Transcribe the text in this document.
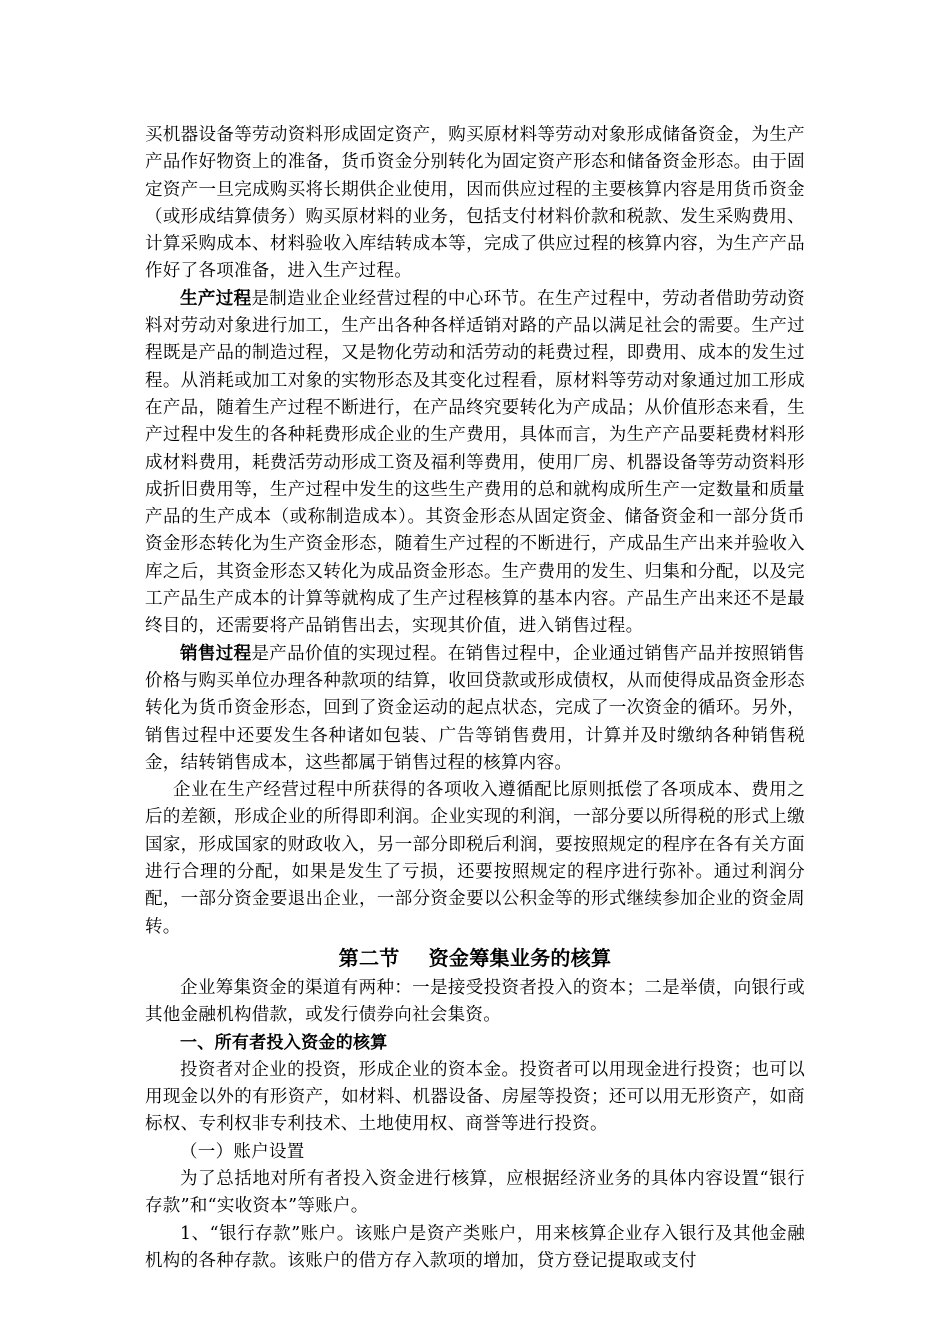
买机器设备等劳动资料形成固定资产，购买原材料等劳动对象形成储备资金，为生产产品作好物资上的准备，货币资金分别转化为固定资产形态和储备资金形态。由于固定资产一旦完成购买将长期供企业使用，因而供应过程的主要核算内容是用货币资金（或形成结算债务）购买原材料的业务，包括支付材料价款和税款、发生采购费用、计算采购成本、材料验收入库结转成本等，完成了供应过程的核算内容，为生产产品作好了各项准备，进入生产过程。

生产过程是制造业企业经营过程的中心环节。在生产过程中，劳动者借助劳动资料对劳动对象进行加工，生产出各种各样适销对路的产品以满足社会的需要。生产过程既是产品的制造过程，又是物化劳动和活劳动的耗费过程，即费用、成本的发生过程。从消耗或加工对象的实物形态及其变化过程看，原材料等劳动对象通过加工形成在产品，随着生产过程不断进行，在产品终究要转化为产成品；从价值形态来看，生产过程中发生的各种耗费形成企业的生产费用，具体而言，为生产产品要耗费材料形成材料费用，耗费活劳动形成工资及福利等费用，使用厂房、机器设备等劳动资料形成折旧费用等，生产过程中发生的这些生产费用的总和就构成所生产一定数量和质量产品的生产成本（或称制造成本）。其资金形态从固定资金、储备资金和一部分货币资金形态转化为生产资金形态，随着生产过程的不断进行，产成品生产出来并验收入库之后，其资金形态又转化为成品资金形态。生产费用的发生、归集和分配，以及完工产品生产成本的计算等就构成了生产过程核算的基本内容。产品生产出来还不是最终目的，还需要将产品销售出去，实现其价值，进入销售过程。

销售过程是产品价值的实现过程。在销售过程中，企业通过销售产品并按照销售价格与购买单位办理各种款项的结算，收回贷款或形成债权，从而使得成品资金形态转化为货币资金形态，回到了资金运动的起点状态，完成了一次资金的循环。另外，销售过程中还要发生各种诸如包装、广告等销售费用，计算并及时缴纳各种销售税金，结转销售成本，这些都属于销售过程的核算内容。

企业在生产经营过程中所获得的各项收入遵循配比原则抵偿了各项成本、费用之后的差额，形成企业的所得即利润。企业实现的利润，一部分要以所得税的形式上缴国家，形成国家的财政收入，另一部分即税后利润，要按照规定的程序在各有关方面进行合理的分配，如果是发生了亏损，还要按照规定的程序进行弥补。通过利润分配，一部分资金要退出企业，一部分资金要以公积金等的形式继续参加企业的资金周转。

第二节    资金筹集业务的核算

企业筹集资金的渠道有两种：一是接受投资者投入的资本；二是举债，向银行或其他金融机构借款，或发行债券向社会集资。

一、所有者投入资金的核算

投资者对企业的投资，形成企业的资本金。投资者可以用现金进行投资；也可以用现金以外的有形资产，如材料、机器设备、房屋等投资；还可以用无形资产，如商标权、专利权非专利技术、土地使用权、商誉等进行投资。

（一）账户设置

为了总括地对所有者投入资金进行核算，应根据经济业务的具体内容设置“银行存款”和“实收资本”等账户。

1、“银行存款”账户。该账户是资产类账户，用来核算企业存入银行及其他金融机构的各种存款。该账户的借方存入款项的增加，贷方登记提取或支付
